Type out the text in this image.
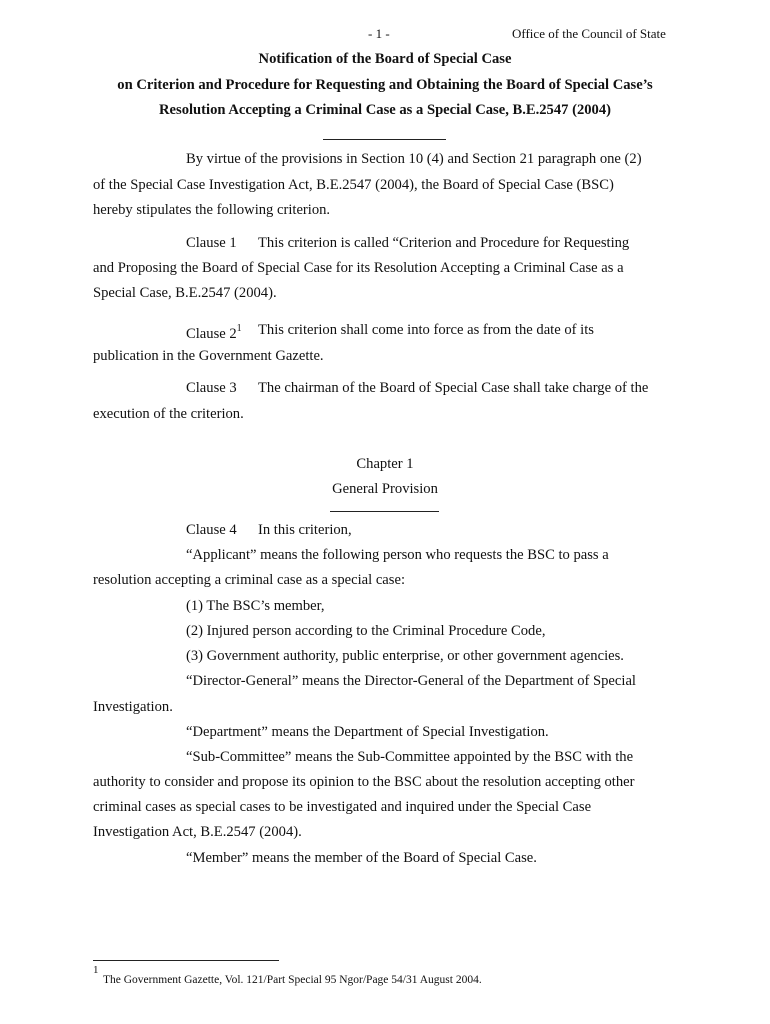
- 1 -	Office of the Council of State
Notification of the Board of Special Case
on Criterion and Procedure for Requesting and Obtaining the Board of Special Case’s
Resolution Accepting a Criminal Case as a Special Case, B.E.2547 (2004)
By virtue of the provisions in Section 10 (4) and Section 21 paragraph one (2)
of the Special Case Investigation Act, B.E.2547 (2004), the Board of Special Case (BSC)
hereby stipulates the following criterion.
Clause 1 This criterion is called “Criterion and Procedure for Requesting
and Proposing the Board of Special Case for its Resolution Accepting a Criminal Case as a
Special Case, B.E.2547 (2004).
Clause $2^1$ This criterion shall come into force as from the date of its
publication in the Government Gazette.
Clause 3 The chairman of the Board of Special Case shall take charge of the
execution of the criterion.
Chapter 1
General Provision
Clause 4 In this criterion,
“Applicant” means the following person who requests the BSC to pass a
resolution accepting a criminal case as a special case:
(1) The BSC’s member,
(2) Injured person according to the Criminal Procedure Code,
(3) Government authority, public enterprise, or other government agencies.
“Director-General” means the Director-General of the Department of Special
Investigation.
“Department” means the Department of Special Investigation.
“Sub-Committee” means the Sub-Committee appointed by the BSC with the
authority to consider and propose its opinion to the BSC about the resolution accepting other
criminal cases as special cases to be investigated and inquired under the Special Case
Investigation Act, B.E.2547 (2004).
“Member” means the member of the Board of Special Case.
1
The Government Gazette, Vol. 121/Part Special 95 Ngor/Page 54/31 August 2004.
